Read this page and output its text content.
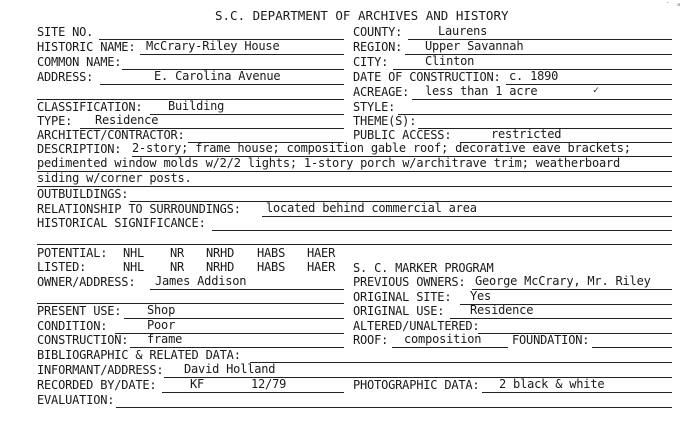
S.C. DEPARTMENT OF ARCHIVES AND HISTORY
˙ ᵃ
SITE NO.	COUNTY:	Laurens
HISTORIC NAME: McCrary-Riley House	REGION: Upper Savannah
COMMON NAME:	CITY:	Clinton
ADDRESS:	E. Carolina Avenue	DATE OF CONSTRUCTION: c. 1890
ACREAGE: less than 1 acre	✓
CLASSIFICATION: Building	STYLE:
TYPE: Residence	THEME(S):
ARCHITECT/CONTRACTOR:	PUBLIC ACCESS:	restricted
DESCRIPTION: 2-story; frame house; composition gable roof; decorative eave brackets;
pedimented window molds w/2/2 lights; 1-story porch w/architrave trim; weatherboard
siding w/corner posts.
OUTBUILDINGS:
RELATIONSHIP TO SURROUNDINGS: located behind commercial area
HISTORICAL SIGNIFICANCE:
POTENTIAL: NHL NR NRHD HABS HAER
LISTED:	NHL NR NRHD HABS HAER S. C. MARKER PROGRAM
OWNER/ADDRESS: James Addison	PREVIOUS OWNERS: George McCrary, Mr. Riley
ORIGINAL SITE: Yes
PRESENT USE: Shop	ORIGINAL USE: Residence
CONDITION:	Poor	ALTERED/UNALTERED:
CONSTRUCTION: frame	ROOF: composition	FOUNDATION:
BIBLIOGRAPHIC & RELATED DATA:
INFORMANT/ADDRESS: David Holland
RECORDED BY/DATE:	KF	12/79	PHOTOGRAPHIC DATA: 2 black & white
EVALUATION:
